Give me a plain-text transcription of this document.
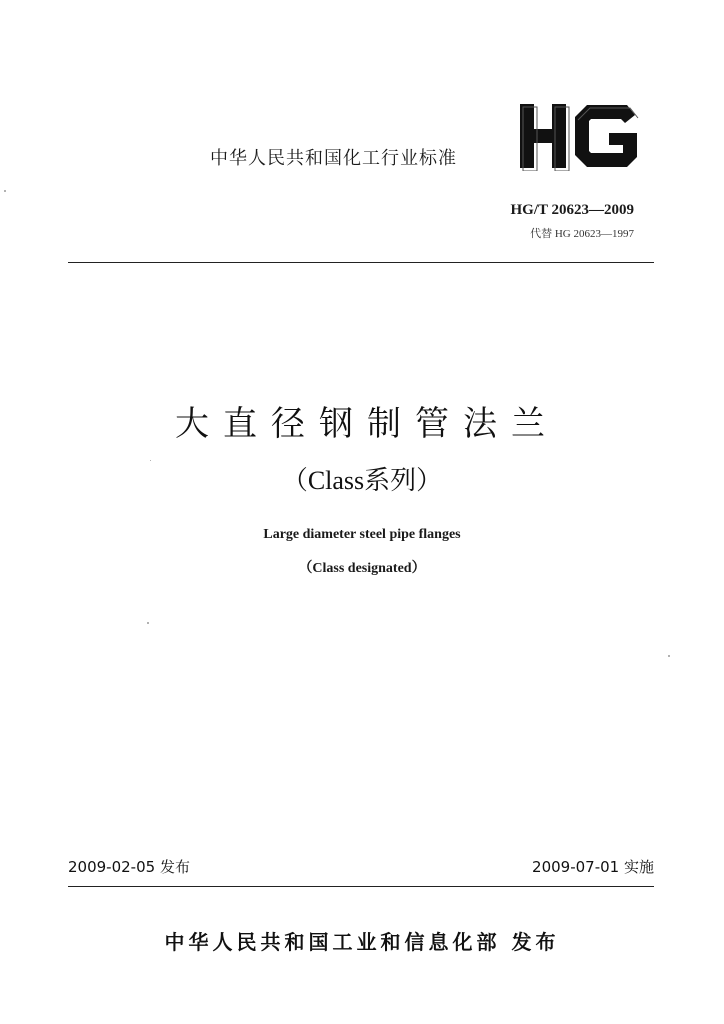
中华人民共和国化工行业标准
HG/T 20623—2009
代替 HG 20623—1997
大直径钢制管法兰
（Class系列）
Large diameter steel pipe flanges
（Class designated）
2009-02-05 发布	2009-07-01 实施
中华人民共和国工业和信息化部 发布
